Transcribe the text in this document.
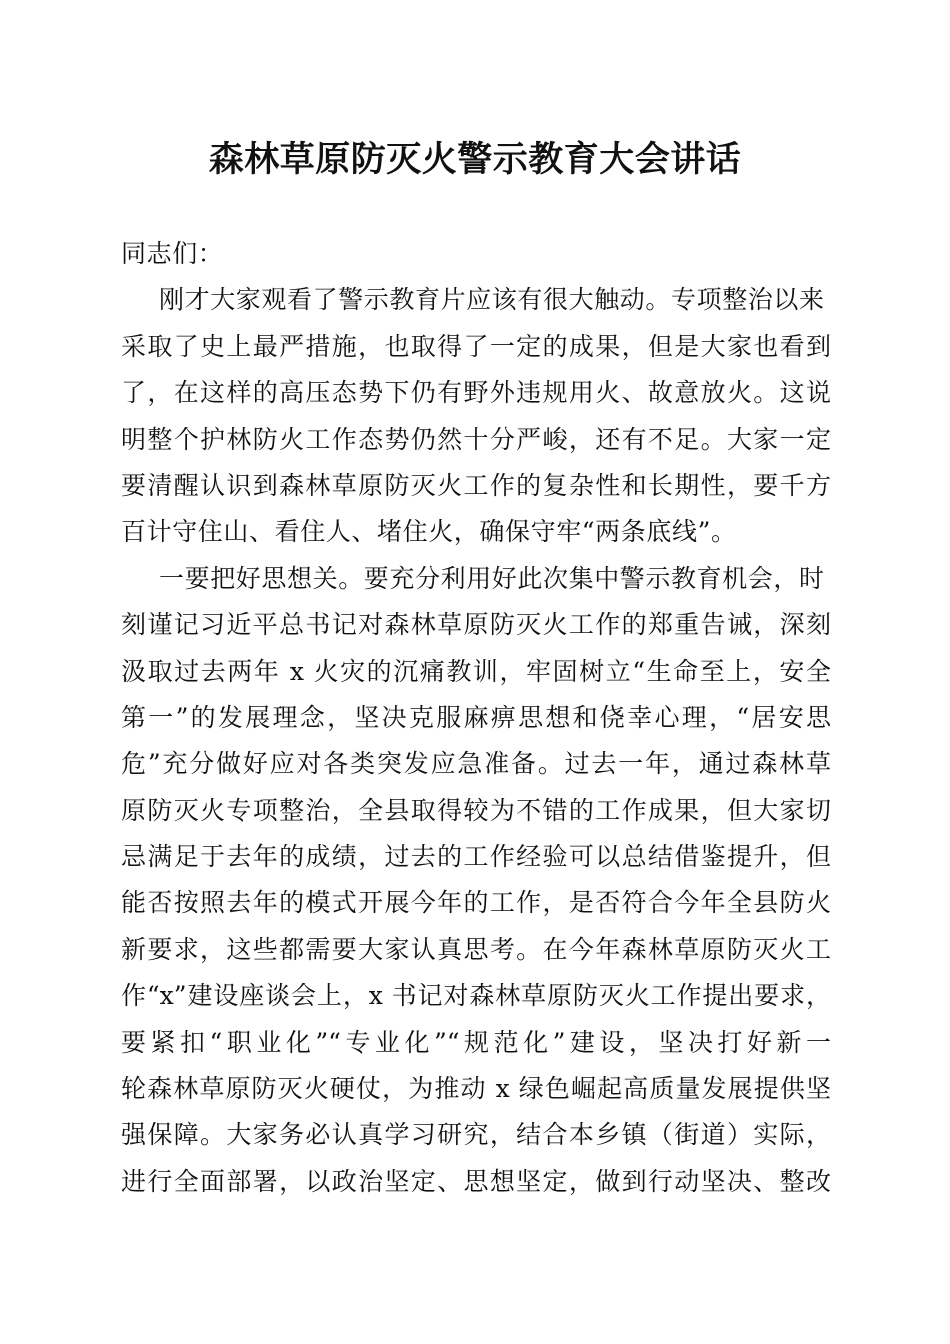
森林草原防灭火警示教育大会讲话
同志们：
刚才大家观看了警示教育片应该有很大触动。专项整治以来
采取了史上最严措施，也取得了一定的成果，但是大家也看到
了，在这样的高压态势下仍有野外违规用火、故意放火。这说
明整个护林防火工作态势仍然十分严峻，还有不足。大家一定
要清醒认识到森林草原防灭火工作的复杂性和长期性，要千方
百计守住山、看住人、堵住火，确保守牢“两条底线”。
一要把好思想关。要充分利用好此次集中警示教育机会，时
刻谨记习近平总书记对森林草原防灭火工作的郑重告诫，深刻
汲取过去两年 x 火灾的沉痛教训，牢固树立“生命至上，安全
第一”的发展理念，坚决克服麻痹思想和侥幸心理，“居安思
危”充分做好应对各类突发应急准备。过去一年，通过森林草
原防灭火专项整治，全县取得较为不错的工作成果，但大家切
忌满足于去年的成绩，过去的工作经验可以总结借鉴提升，但
能否按照去年的模式开展今年的工作，是否符合今年全县防火
新要求，这些都需要大家认真思考。在今年森林草原防灭火工
作“x”建设座谈会上，x 书记对森林草原防灭火工作提出要求，
要紧扣“职业化”“专业化”“规范化”建设，坚决打好新一
轮森林草原防灭火硬仗，为推动 x 绿色崛起高质量发展提供坚
强保障。大家务必认真学习研究，结合本乡镇（街道）实际，
进行全面部署，以政治坚定、思想坚定，做到行动坚决、整改
